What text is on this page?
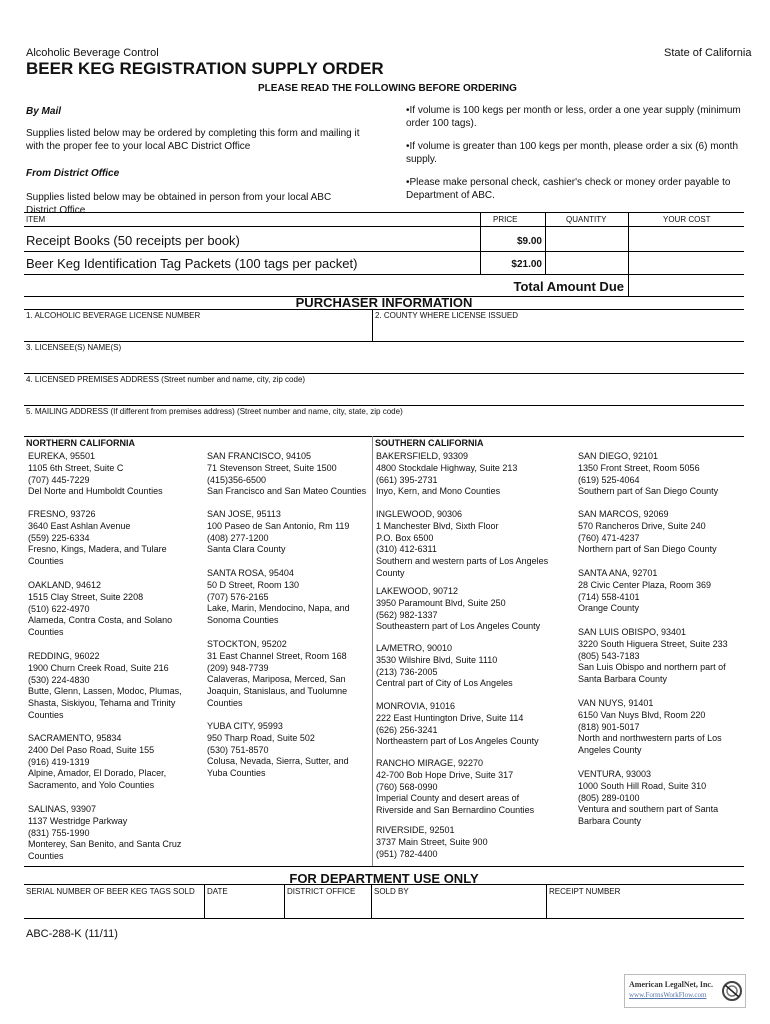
Alcoholic Beverage Control	State of California
BEER KEG REGISTRATION SUPPLY ORDER
PLEASE READ THE FOLLOWING BEFORE ORDERING
By Mail
Supplies listed below may be ordered by completing this form and mailing it with the proper fee to your local ABC District Office
From District Office
Supplies listed below may be obtained in person from your local ABC District Office
•If volume is 100 kegs per month or less, order a one year supply (minimum order 100 tags).
•If volume is greater than 100 kegs per month, please order a six (6) month supply.
•Please make personal check, cashier's check or money order payable to Department of ABC.
ITEM	PRICE	QUANTITY	YOUR COST
Receipt Books (50 receipts per book)	$9.00
Beer Keg Identification Tag Packets (100 tags per packet)	$21.00
Total Amount Due
PURCHASER INFORMATION
1. ALCOHOLIC BEVERAGE LICENSE NUMBER	2. COUNTY WHERE LICENSE ISSUED
3. LICENSEE(S) NAME(S)
4. LICENSED PREMISES ADDRESS (Street number and name, city, zip code)
5. MAILING ADDRESS (If different from premises address) (Street number and name, city, state, zip code)
NORTHERN CALIFORNIA	SOUTHERN CALIFORNIA
EUREKA, 95501
1105 6th Street, Suite C
(707) 445-7229
Del Norte and Humboldt Counties
FRESNO, 93726
3640 East Ashlan Avenue
(559) 225-6334
Fresno, Kings, Madera, and Tulare
Counties
OAKLAND, 94612
1515 Clay Street, Suite 2208
(510) 622-4970
Alameda, Contra Costa, and Solano
Counties
REDDING, 96022
1900 Churn Creek Road, Suite 216
(530) 224-4830
Butte, Glenn, Lassen, Modoc, Plumas,
Shasta, Siskiyou, Tehama and Trinity
Counties
SACRAMENTO, 95834
2400 Del Paso Road, Suite 155
(916) 419-1319
Alpine, Amador, El Dorado, Placer,
Sacramento, and Yolo Counties
SALINAS, 93907
1137 Westridge Parkway
(831) 755-1990
Monterey, San Benito, and Santa Cruz
Counties
SAN FRANCISCO, 94105
71 Stevenson Street, Suite 1500
(415)356-6500
San Francisco and San Mateo Counties
SAN JOSE, 95113
100 Paseo de San Antonio, Rm 119
(408) 277-1200
Santa Clara County
SANTA ROSA, 95404
50 D Street, Room 130
(707) 576-2165
Lake, Marin, Mendocino, Napa, and
Sonoma Counties
STOCKTON, 95202
31 East Channel Street, Room 168
(209) 948-7739
Calaveras, Mariposa, Merced, San
Joaquin, Stanislaus, and Tuolumne
Counties
YUBA CITY, 95993
950 Tharp Road, Suite 502
(530) 751-8570
Colusa, Nevada, Sierra, Sutter, and
Yuba Counties
BAKERSFIELD, 93309
4800 Stockdale Highway, Suite 213
(661) 395-2731
Inyo, Kern, and Mono Counties
INGLEWOOD, 90306
1 Manchester Blvd, Sixth Floor
P.O. Box 6500
(310) 412-6311
Southern and western parts of Los Angeles
County
LAKEWOOD, 90712
3950 Paramount Blvd, Suite 250
(562) 982-1337
Southeastern part of Los Angeles County
LA/METRO, 90010
3530 Wilshire Blvd, Suite 1110
(213) 736-2005
Central part of City of Los Angeles
MONROVIA, 91016
222 East Huntington Drive, Suite 114
(626) 256-3241
Northeastern part of Los Angeles County
RANCHO MIRAGE, 92270
42-700 Bob Hope Drive, Suite 317
(760) 568-0990
Imperial County and desert areas of
Riverside and San Bernardino Counties
RIVERSIDE, 92501
3737 Main Street, Suite 900
(951) 782-4400
SAN DIEGO, 92101
1350 Front Street, Room 5056
(619) 525-4064
Southern part of San Diego County
SAN MARCOS, 92069
570 Rancheros Drive, Suite 240
(760) 471-4237
Northern part of San Diego County
SANTA ANA, 92701
28 Civic Center Plaza, Room 369
(714) 558-4101
Orange County
SAN LUIS OBISPO, 93401
3220 South Higuera Street, Suite 233
(805) 543-7183
San Luis Obispo and northern part of
Santa Barbara County
VAN NUYS, 91401
6150 Van Nuys Blvd, Room 220
(818) 901-5017
North and northwestern parts of Los
Angeles County
VENTURA, 93003
1000 South Hill Road, Suite 310
(805) 289-0100
Ventura and southern part of Santa
Barbara County
FOR DEPARTMENT USE ONLY
SERIAL NUMBER OF BEER KEG TAGS SOLD DATE	DISTRICT OFFICE	SOLD BY	RECEIPT NUMBER
ABC-288-K (11/11)
American LegalNet, Inc.
www.FormsWorkFlow.com
